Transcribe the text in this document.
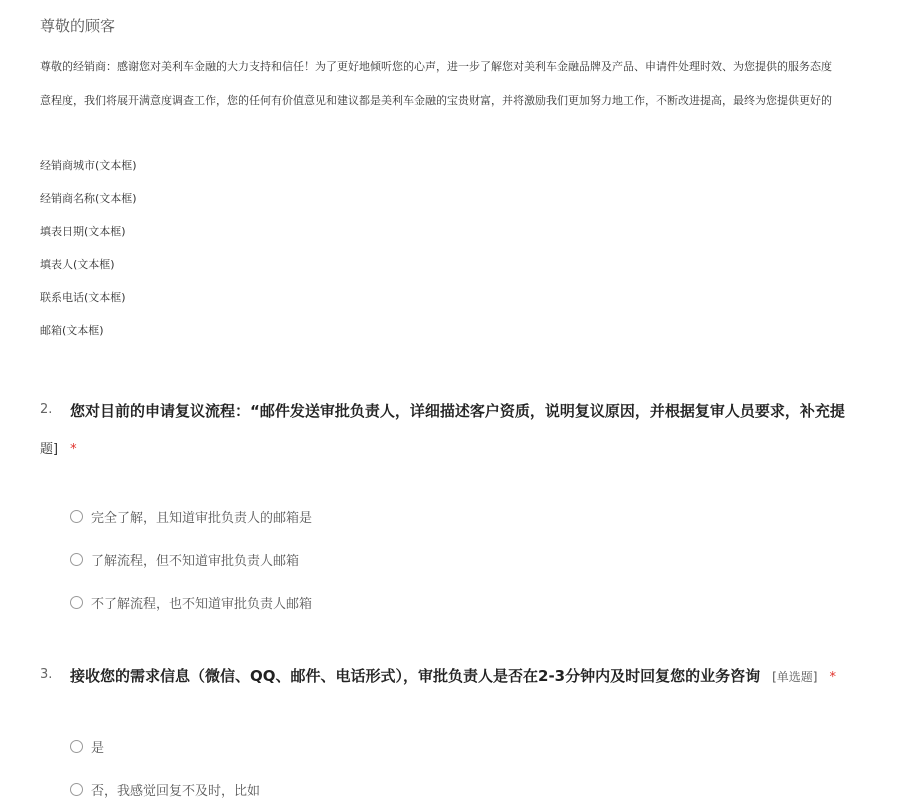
尊敬的顾客
尊敬的经销商：感谢您对美利车金融的大力支持和信任！为了更好地倾听您的心声，进一步了解您对美利车金融品牌及产品、申请件处理时效、为您提供的服务态度
意程度，我们将展开满意度调查工作，您的任何有价值意见和建议都是美利车金融的宝贵财富，并将激励我们更加努力地工作，不断改进提高，最终为您提供更好的
经销商城市(文本框)
经销商名称(文本框)
填表日期(文本框)
填表人(文本框)
联系电话(文本框)
邮箱(文本框)
2. 您对目前的申请复议流程：“邮件发送审批负责人，详细描述客户资质，说明复议原因，并根据复审人员要求，补充提
题] *
完全了解，且知道审批负责人的邮箱是
了解流程，但不知道审批负责人邮箱
不了解流程，也不知道审批负责人邮箱
3. 接收您的需求信息（微信、QQ、邮件、电话形式），审批负责人是否在2-3分钟内及时回复您的业务咨询 [单选题] *
是
否，我感觉回复不及时，比如
